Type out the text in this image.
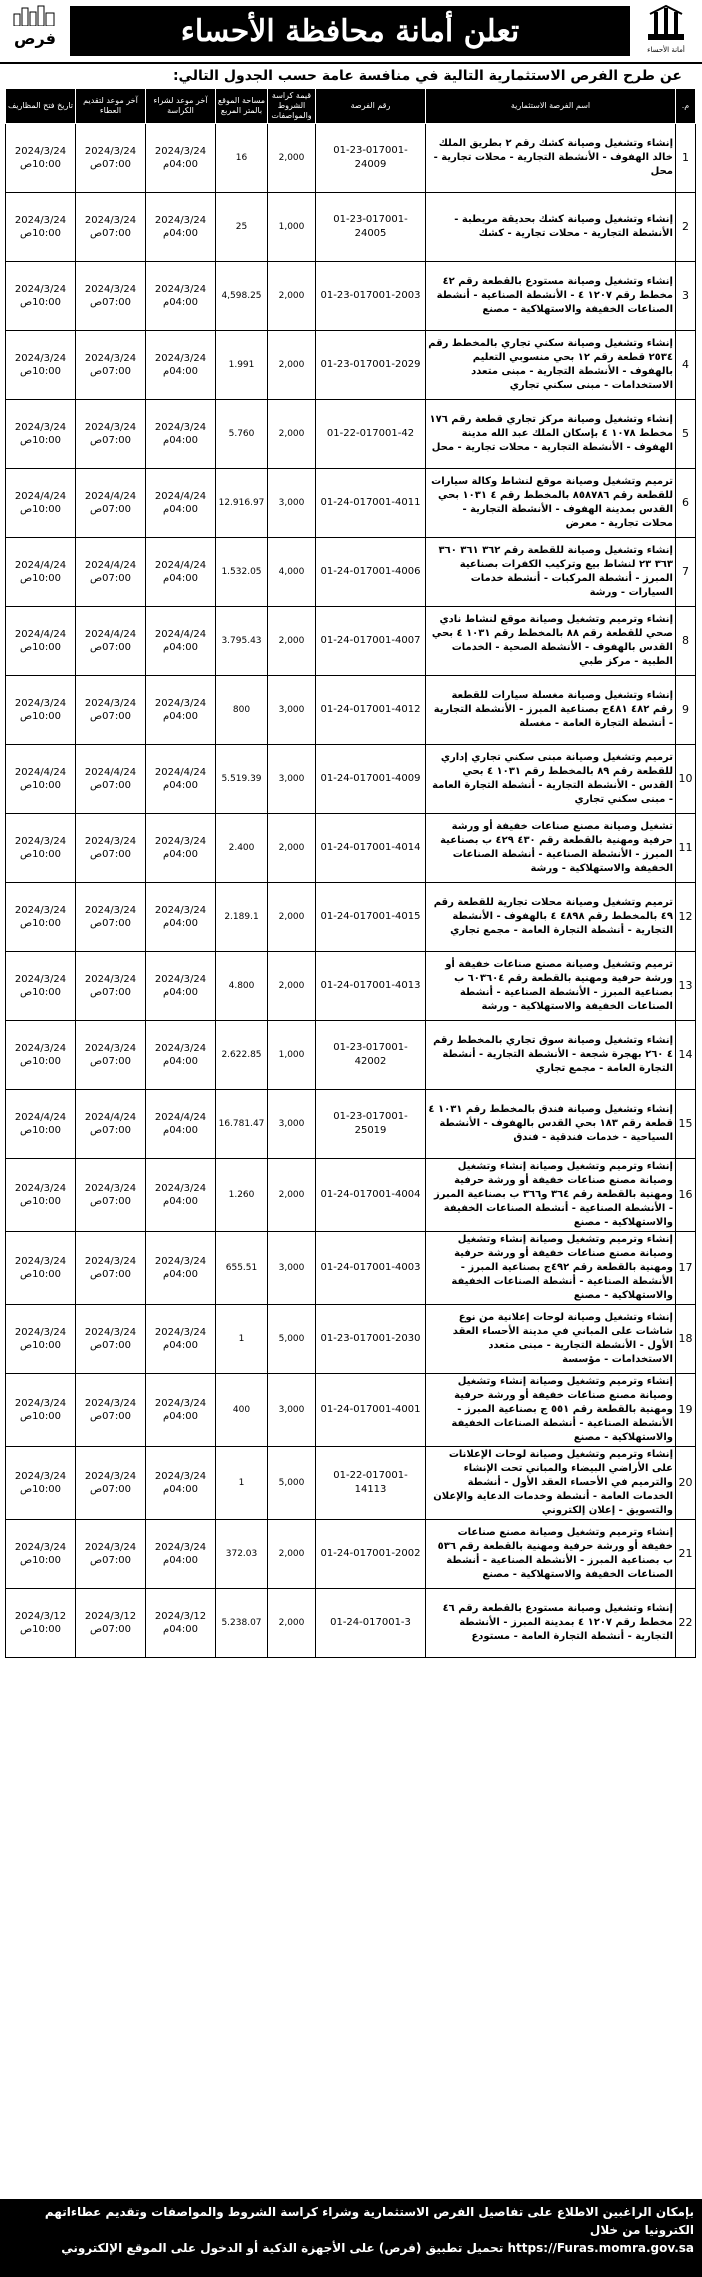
أمانة الأحساء
تعلن أمانة محافظة الأحساء
فرص
عن طرح الفرص الاستثمارية التالية في منافسة عامة حسب الجدول التالي:
م.	اسم الفرصة الاستثمارية	رقم الفرصة	قيمة كراسة الشروط والمواصفات	مساحة الموقع بالمتر المربع	آخر موعد لشراء الكراسة	آخر موعد لتقديم العطاء	تاريخ فتح المظاريف
1	إنشاء وتشغيل وصيانة كشك رقم ٢ بطريق الملك خالد الهفوف - الأنشطة التجارية - محلات تجارية - محل	01-23-017001-24009	2,000	16	2024/3/24 04:00م	2024/3/24 07:00ص	2024/3/24 10:00ص
2	إنشاء وتشغيل وصيانة كشك بحديقة مريطبة - الأنشطة التجارية - محلات تجارية - كشك	01-23-017001-24005	1,000	25	2024/3/24 04:00م	2024/3/24 07:00ص	2024/3/24 10:00ص
3	إنشاء وتشغيل وصيانة مستودع بالقطعة رقم ٤٢ مخطط رقم ١٢٠٧ ٤ - الأنشطة الصناعية - أنشطة الصناعات الخفيفة والاستهلاكية - مصنع	01-23-017001-2003	2,000	4,598.25	2024/3/24 04:00م	2024/3/24 07:00ص	2024/3/24 10:00ص
4	إنشاء وتشغيل وصيانة سكني تجاري بالمخطط رقم ٢٥٣٤ قطعة رقم ١٢ بحي منسوبي التعليم بالهفوف - الأنشطة التجارية - مبنى متعدد الاستخدامات - مبنى سكني تجاري	01-23-017001-2029	2,000	1.991	2024/3/24 04:00م	2024/3/24 07:00ص	2024/3/24 10:00ص
5	إنشاء وتشغيل وصيانة مركز تجاري قطعة رقم ١٧٦ مخطط ١٠٧٨ ٤ بإسكان الملك عبد الله مدينة الهفوف - الأنشطة التجارية - محلات تجارية - محل	01-22-017001-42	2,000	5.760	2024/3/24 04:00م	2024/3/24 07:00ص	2024/3/24 10:00ص
6	ترميم وتشغيل وصيانة موقع لنشاط وكالة سيارات للقطعة رقم ٨٥٨٧٨٦ بالمخطط رقم ٤ ١٠٣١ بحي القدس بمدينة الهفوف - الأنشطة التجارية - محلات تجارية - معرض	01-24-017001-4011	3,000	12.916.97	2024/4/24 04:00م	2024/4/24 07:00ص	2024/4/24 10:00ص
7	إنشاء وتشغيل وصيانة للقطعة رقم ٣٦٢ ٣٦١ ٣٦٠ ٣٦٣ ٢٣ لنشاط بيع وتركيب الكفرات بصناعية المبرز - أنشطة المركبات - أنشطة خدمات السيارات - ورشة	01-24-017001-4006	4,000	1.532.05	2024/4/24 04:00م	2024/4/24 07:00ص	2024/4/24 10:00ص
8	إنشاء وترميم وتشغيل وصيانة موقع لنشاط نادي صحي للقطعة رقم ٨٨ بالمخطط رقم ١٠٣١ ٤ بحي القدس بالهفوف - الأنشطة الصحية - الخدمات الطبية - مركز طبي	01-24-017001-4007	2,000	3.795.43	2024/4/24 04:00م	2024/4/24 07:00ص	2024/4/24 10:00ص
9	إنشاء وتشغيل وصيانة مغسلة سيارات للقطعة رقم ٤٨٢ ٤٨١ج بصناعية المبرز - الأنشطة التجارية - أنشطة التجارة العامة - مغسلة	01-24-017001-4012	3,000	800	2024/3/24 04:00م	2024/3/24 07:00ص	2024/3/24 10:00ص
10	ترميم وتشغيل وصيانة مبنى سكني تجاري إداري للقطعة رقم ٨٩ بالمخطط رقم ١٠٣١ ٤ بحي القدس - الأنشطة التجارية - أنشطة التجارة العامة - مبنى سكني تجاري	01-24-017001-4009	3,000	5.519.39	2024/4/24 04:00م	2024/4/24 07:00ص	2024/4/24 10:00ص
11	تشغيل وصيانة مصنع صناعات خفيفة أو ورشة حرفية ومهنية بالقطعة رقم ٤٣٠ ٤٢٩ ب بصناعية المبرز - الأنشطة الصناعية - أنشطة الصناعات الخفيفة والاستهلاكية - ورشة	01-24-017001-4014	2,000	2.400	2024/3/24 04:00م	2024/3/24 07:00ص	2024/3/24 10:00ص
12	ترميم وتشغيل وصيانة محلات تجارية للقطعة رقم ٤٩ بالمخطط رقم ٤٨٩٨ ٤ بالهفوف - الأنشطة التجارية - أنشطة التجارة العامة - مجمع تجاري	01-24-017001-4015	2,000	2.189.1	2024/3/24 04:00م	2024/3/24 07:00ص	2024/3/24 10:00ص
13	ترميم وتشغيل وصيانة مصنع صناعات خفيفة أو ورشة حرفية ومهنية بالقطعة رقم ٦٠٣٦٠٤ ب بصناعية المبرز - الأنشطة الصناعية - أنشطة الصناعات الخفيفة والاستهلاكية - ورشة	01-24-017001-4013	2,000	4.800	2024/3/24 04:00م	2024/3/24 07:00ص	2024/3/24 10:00ص
14	إنشاء وتشغيل وصيانة سوق تجاري بالمخطط رقم ٤ ٢٦٠ بهجرة شجعة - الأنشطة التجارية - أنشطة التجارة العامة - مجمع تجاري	01-23-017001-42002	1,000	2.622.85	2024/3/24 04:00م	2024/3/24 07:00ص	2024/3/24 10:00ص
15	إنشاء وتشغيل وصيانة فندق بالمخطط رقم ١٠٣١ ٤ قطعة رقم ١٨٣ بحي القدس بالهفوف - الأنشطة السياحية - خدمات فندقية - فندق	01-23-017001-25019	3,000	16.781.47	2024/4/24 04:00م	2024/4/24 07:00ص	2024/4/24 10:00ص
16	إنشاء وترميم وتشغيل وصيانة إنشاء وتشغيل وصيانة مصنع صناعات خفيفة أو ورشة حرفية ومهنية بالقطعة رقم ٣٦٤ و٣٦٦ ب بصناعية المبرز - الأنشطة الصناعية - أنشطة الصناعات الخفيفة والاستهلاكية - مصنع	01-24-017001-4004	2,000	1.260	2024/3/24 04:00م	2024/3/24 07:00ص	2024/3/24 10:00ص
17	إنشاء وترميم وتشغيل وصيانة إنشاء وتشغيل وصيانة مصنع صناعات خفيفة أو ورشة حرفية ومهنية بالقطعة رقم ٤٩٢ج بصناعية المبرز - الأنشطة الصناعية - أنشطة الصناعات الخفيفة والاستهلاكية - مصنع	01-24-017001-4003	3,000	655.51	2024/3/24 04:00م	2024/3/24 07:00ص	2024/3/24 10:00ص
18	إنشاء وتشغيل وصيانة لوحات إعلانية من نوع شاشات على المباني في مدينة الأحساء العقد الأول - الأنشطة التجارية - مبنى متعدد الاستخدامات - مؤسسة	01-23-017001-2030	5,000	1	2024/3/24 04:00م	2024/3/24 07:00ص	2024/3/24 10:00ص
19	إنشاء وترميم وتشغيل وصيانة إنشاء وتشغيل وصيانة مصنع صناعات خفيفة أو ورشة حرفية ومهنية بالقطعة رقم ٥٥١ ج بصناعية المبرز - الأنشطة الصناعية - أنشطة الصناعات الخفيفة والاستهلاكية - مصنع	01-24-017001-4001	3,000	400	2024/3/24 04:00م	2024/3/24 07:00ص	2024/3/24 10:00ص
20	إنشاء وترميم وتشغيل وصيانة لوحات الإعلانات على الأراضي البيضاء والمباني تحت الإنشاء والترميم في الأحساء العقد الأول - أنشطة الخدمات العامة - أنشطة وخدمات الدعاية والإعلان والتسويق - إعلان إلكتروني	01-22-017001-14113	5,000	1	2024/3/24 04:00م	2024/3/24 07:00ص	2024/3/24 10:00ص
21	إنشاء وترميم وتشغيل وصيانة مصنع صناعات خفيفة أو ورشة حرفية ومهنية بالقطعة رقم ٥٣٦ ب بصناعية المبرز - الأنشطة الصناعية - أنشطة الصناعات الخفيفة والاستهلاكية - مصنع	01-24-017001-2002	2,000	372.03	2024/3/24 04:00م	2024/3/24 07:00ص	2024/3/24 10:00ص
22	إنشاء وتشغيل وصيانة مستودع بالقطعة رقم ٤٦ مخطط رقم ١٢٠٧ ٤ بمدينة المبرز - الأنشطة التجارية - أنشطة التجارة العامة - مستودع	01-24-017001-3	2,000	5.238.07	2024/3/12 04:00م	2024/3/12 07:00ص	2024/3/12 10:00ص

بإمكان الراغبين الاطلاع على تفاصيل الفرص الاستثمارية وشراء كراسة الشروط والمواصفات وتقديم عطاءاتهم الكترونيا من خلال

https://Furas.momra.gov.sa تحميل تطبيق (فرص) على الأجهزة الذكية أو الدخول على الموقع الإلكتروني
